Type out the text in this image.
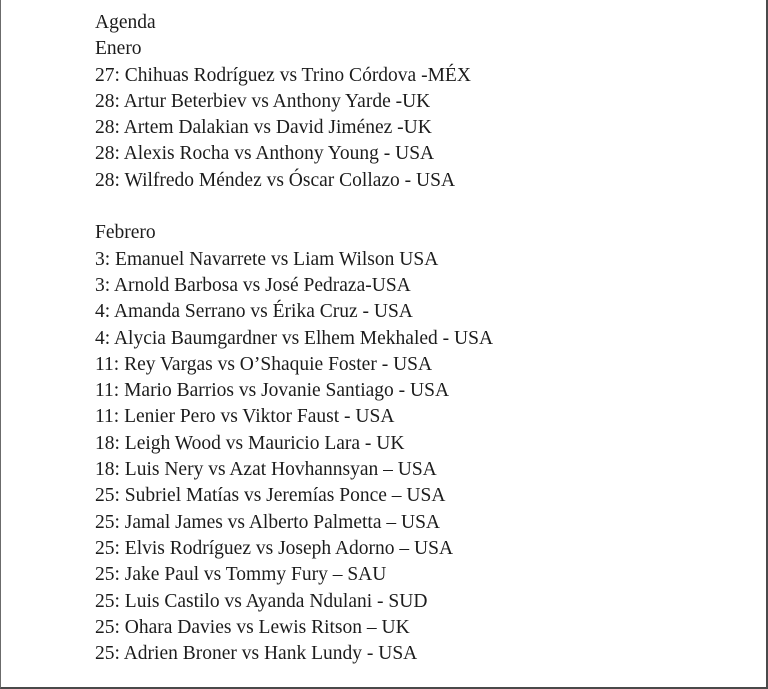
Agenda
Enero
27: Chihuas Rodríguez vs Trino Córdova -MÉX
28: Artur Beterbiev vs Anthony Yarde -UK
28: Artem Dalakian vs David Jiménez -UK
28: Alexis Rocha vs Anthony Young - USA
28: Wilfredo Méndez vs Óscar Collazo - USA
Febrero
3: Emanuel Navarrete vs Liam Wilson USA
3: Arnold Barbosa vs José Pedraza-USA
4: Amanda Serrano vs Érika Cruz - USA
4: Alycia Baumgardner vs Elhem Mekhaled - USA
11: Rey Vargas vs O’Shaquie Foster - USA
11: Mario Barrios vs Jovanie Santiago - USA
11: Lenier Pero vs Viktor Faust - USA
18: Leigh Wood vs Mauricio Lara - UK
18: Luis Nery vs Azat Hovhannsyan – USA
25: Subriel Matías vs Jeremías Ponce – USA
25: Jamal James vs Alberto Palmetta – USA
25: Elvis Rodríguez vs Joseph Adorno – USA
25: Jake Paul vs Tommy Fury – SAU
25: Luis Castilo vs Ayanda Ndulani - SUD
25: Ohara Davies vs Lewis Ritson – UK
25: Adrien Broner vs Hank Lundy - USA
